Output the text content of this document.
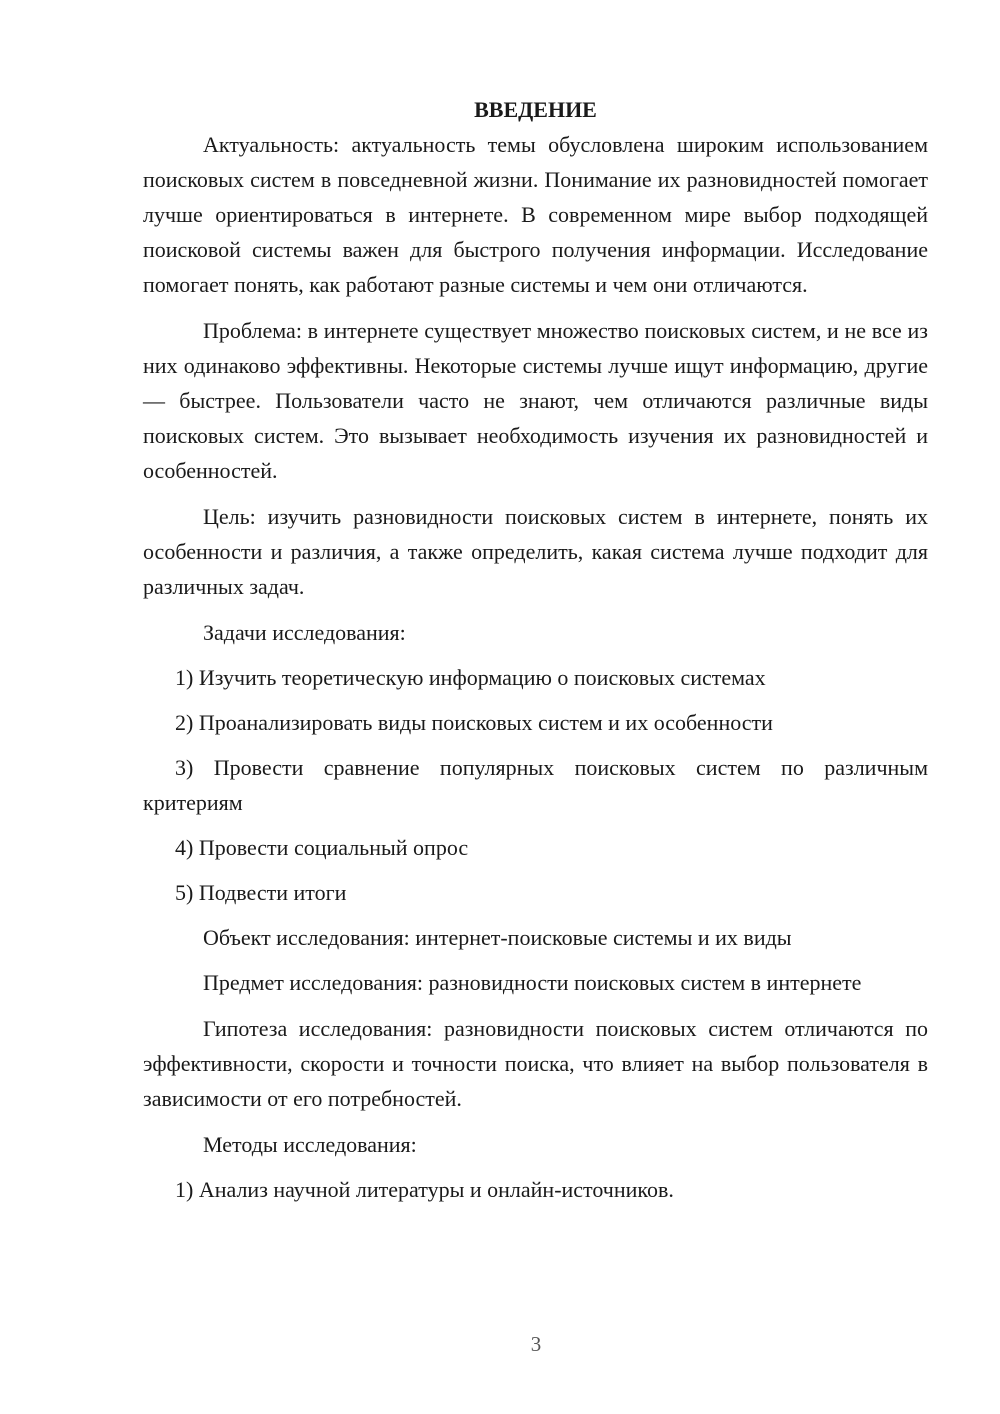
ВВЕДЕНИЕ

Актуальность: актуальность темы обусловлена широким использованием поисковых систем в повседневной жизни. Понимание их разновидностей помогает лучше ориентироваться в интернете. В современном мире выбор подходящей поисковой системы важен для быстрого получения информации. Исследование помогает понять, как работают разные системы и чем они отличаются.

Проблема: в интернете существует множество поисковых систем, и не все из них одинаково эффективны. Некоторые системы лучше ищут информацию, другие — быстрее. Пользователи часто не знают, чем отличаются различные виды поисковых систем. Это вызывает необходимость изучения их разновидностей и особенностей.

Цель: изучить разновидности поисковых систем в интернете, понять их особенности и различия, а также определить, какая система лучше подходит для различных задач.

Задачи исследования:

1) Изучить теоретическую информацию о поисковых системах

2) Проанализировать виды поисковых систем и их особенности

3) Провести сравнение популярных поисковых систем по различным критериям

4) Провести социальный опрос

5) Подвести итоги

Объект исследования: интернет-поисковые системы и их виды

Предмет исследования: разновидности поисковых систем в интернете

Гипотеза исследования: разновидности поисковых систем отличаются по эффективности, скорости и точности поиска, что влияет на выбор пользователя в зависимости от его потребностей.

Методы исследования:

1) Анализ научной литературы и онлайн-источников.

3
